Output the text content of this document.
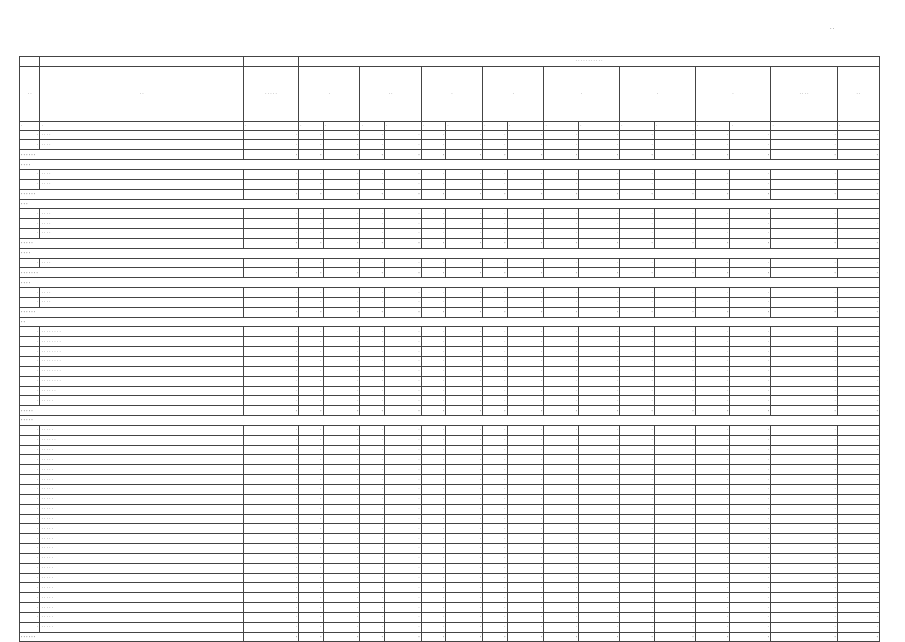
· ·
			· · · · · · · · · · ·															
· ·	· ·	· · · · ·	·		· ·		·		·		·		·		·		· · · ·	· ·
·	·	·	·	·	·	·	·	·	·	·	·	·	·	·	·	·	·	·
·	· · · ·	·	·	·	·	·	·	·	·	·	·	·	·	·	·	·	·	·
·	· · · ·	·	·	·	·	·	·	·	·	·	·	·	·	·	·	·	·	·
· · · · · ·		·	·	·	·	·	·	·	·	·	·	·	·	·	·	·	·	·
· · · ·																		
·	· · · ·	·	·	·	·	·	·	·	·	·	·	·	·	·	·	·	·	·
·	· · · ·	·	·	·	·	·	·	·	·	·	·	·	·	·	·	·	·	·
· · · · · ·		·	·	·	·	·	·	·	·	·	·	·	·	·	·	·	·	·
· · ·																		
·	· · · ·	·	·	·	·	·	·	·	·	·	·	·	·	·	·	·	·	·
·	· · · ·	·	·	·	·	·	·	·	·	·	·	·	·	·	·	·	·	·
·	· · · ·	·	·	·	·	·	·	·	·	·	·	·	·	·	·	·	·	·
· · · · ·		·	·	·	·	·	·	·	·	·	·	·	·	·	·	·	·	·
· · · ·																		
·	· · · ·	·	·	·	·	·	·	·	·	·	·	·	·	·	·	·	·	·
· · · · · · ·		·	·	·	·	·	·	·	·	·	·	·	·	·	·	·	·	·
· · · ·																		
·	· · · ·	·	·	·	·	·	·	·	·	·	·	·	·	·	·	·	·	·
·	· · · ·	·	·	·	·	·	·	·	·	·	·	·	·	·	·	·	·	·
· · · · · ·		·	·	·	·	·	·	·	·	·	·	·	·	·	·	·	·	·
· ·																		
·	· · · · · · · ·	·	·	·	·	·	·	·	·	·	·	·	·	·	·	·	·	·
·	· · · · · · · ·	·	·	·	·	·	·	·	·	·	·	·	·	·	·	·	·	·
·	· · · · · · · ·	·	·	·	·	·	·	·	·	·	·	·	·	·	·	·	·	·
·	· · · · · · · ·	·	·	·	·	·	·	·	·	·	·	·	·	·	·	·	·	·
·	· · · · · · · ·	·	·	·	·	·	·	·	·	·	·	·	·	·	·	·	·	·
·	· · · · · · · ·	·	·	·	·	·	·	·	·	·	·	·	·	·	·	·	·	·
·	· · · · · ·	·	·	·	·	·	·	·	·	·	·	·	·	·	·	·	·	·
·	· · · · ·	·	·	·	·	·	·	·	·	·	·	·	·	·	·	·	·	·
· · · · ·		·	·	·	·	·	·	·	·	·	·	·	·	·	·	·	·	·
· · · · ·																		
·	· · · · ·	·	·	·	·	·	·	·	·	·	·	·	·	·	·	·	·	·
·	· · · · · ·	·	·	·	·	·	·	·	·	·	·	·	·	·	·	·	·	·
·	· · · · ·	·	·	·	·	·	·	·	·	·	·	·	·	·	·	·	·	·
·	· · · · ·	·	·	·	·	·	·	·	·	·	·	·	·	·	·	·	·	·
·	· · · · ·	·	·	·	·	·	·	·	·	·	·	·	·	·	·	·	·	·
·	· · · · ·	·	·	·	·	·	·	·	·	·	·	·	·	·	·	·	·	·
·	· · · · ·	·	·	·	·	·	·	·	·	·	·	·	·	·	·	·	·	·
·	· · · · ·	·	·	·	·	·	·	·	·	·	·	·	·	·	·	·	·	·
·	· · · · ·	·	·	·	·	·	·	·	·	·	·	·	·	·	·	·	·	·
·	· · · · ·	·	·	·	·	·	·	·	·	·	·	·	·	·	·	·	·	·
·	· · · · ·	·	·	·	·	·	·	·	·	·	·	·	·	·	·	·	·	·
·	· · · · ·	·	·	·	·	·	·	·	·	·	·	·	·	·	·	·	·	·
·	· · · · ·	·	·	·	·	·	·	·	·	·	·	·	·	·	·	·	·	·
·	· · · · ·	·	·	·	·	·	·	·	·	·	·	·	·	·	·	·	·	·
·	· · · · ·	·	·	·	·	·	·	·	·	·	·	·	·	·	·	·	·	·
·	· · · · ·	·	·	·	·	·	·	·	·	·	·	·	·	·	·	·	·	·
·	· · · · ·	·	·	·	·	·	·	·	·	·	·	·	·	·	·	·	·	·
·	· · · · ·	·	·	·	·	·	·	·	·	·	·	·	·	·	·	·	·	·
·	· · · · ·	·	·	·	·	·	·	·	·	·	·	·	·	·	·	·	·	·
·	· · · · ·	·	·	·	·	·	·	·	·	·	·	·	·	·	·	·	·	·
·	· · · · ·	·	·	·	·	·	·	·	·	·	·	·	·	·	·	·	·	·
· · · · · ·		·	·	·	·	·	·	·	·	·	·	·	·	·	·	·	·	·
